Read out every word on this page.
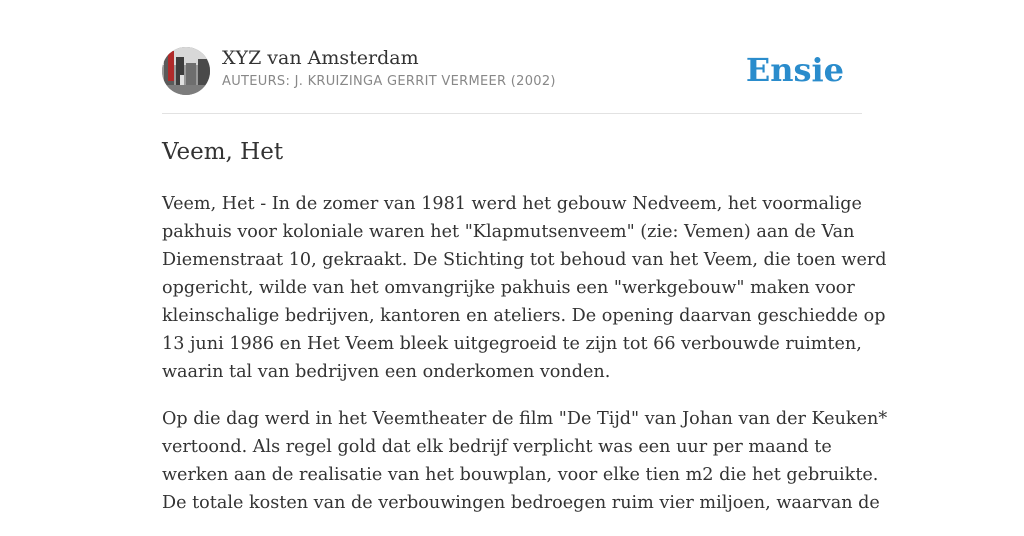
XYZ van Amsterdam
AUTEURS: J. KRUIZINGA GERRIT VERMEER (2002)	Ensie
Veem, Het

Veem, Het - In de zomer van 1981 werd het gebouw Nedveem, het voormalige
pakhuis voor koloniale waren het "Klapmutsenveem" (zie: Vemen) aan de Van
Diemenstraat 10, gekraakt. De Stichting tot behoud van het Veem, die toen werd
opgericht, wilde van het omvangrijke pakhuis een "werkgebouw" maken voor
kleinschalige bedrijven, kantoren en ateliers. De opening daarvan geschiedde op
13 juni 1986 en Het Veem bleek uitgegroeid te zijn tot 66 verbouwde ruimten,
waarin tal van bedrijven een onderkomen vonden.

Op die dag werd in het Veemtheater de film "De Tijd" van Johan van der Keuken*
vertoond. Als regel gold dat elk bedrijf verplicht was een uur per maand te
werken aan de realisatie van het bouwplan, voor elke tien m2 die het gebruikte.
De totale kosten van de verbouwingen bedroegen ruim vier miljoen, waarvan de
